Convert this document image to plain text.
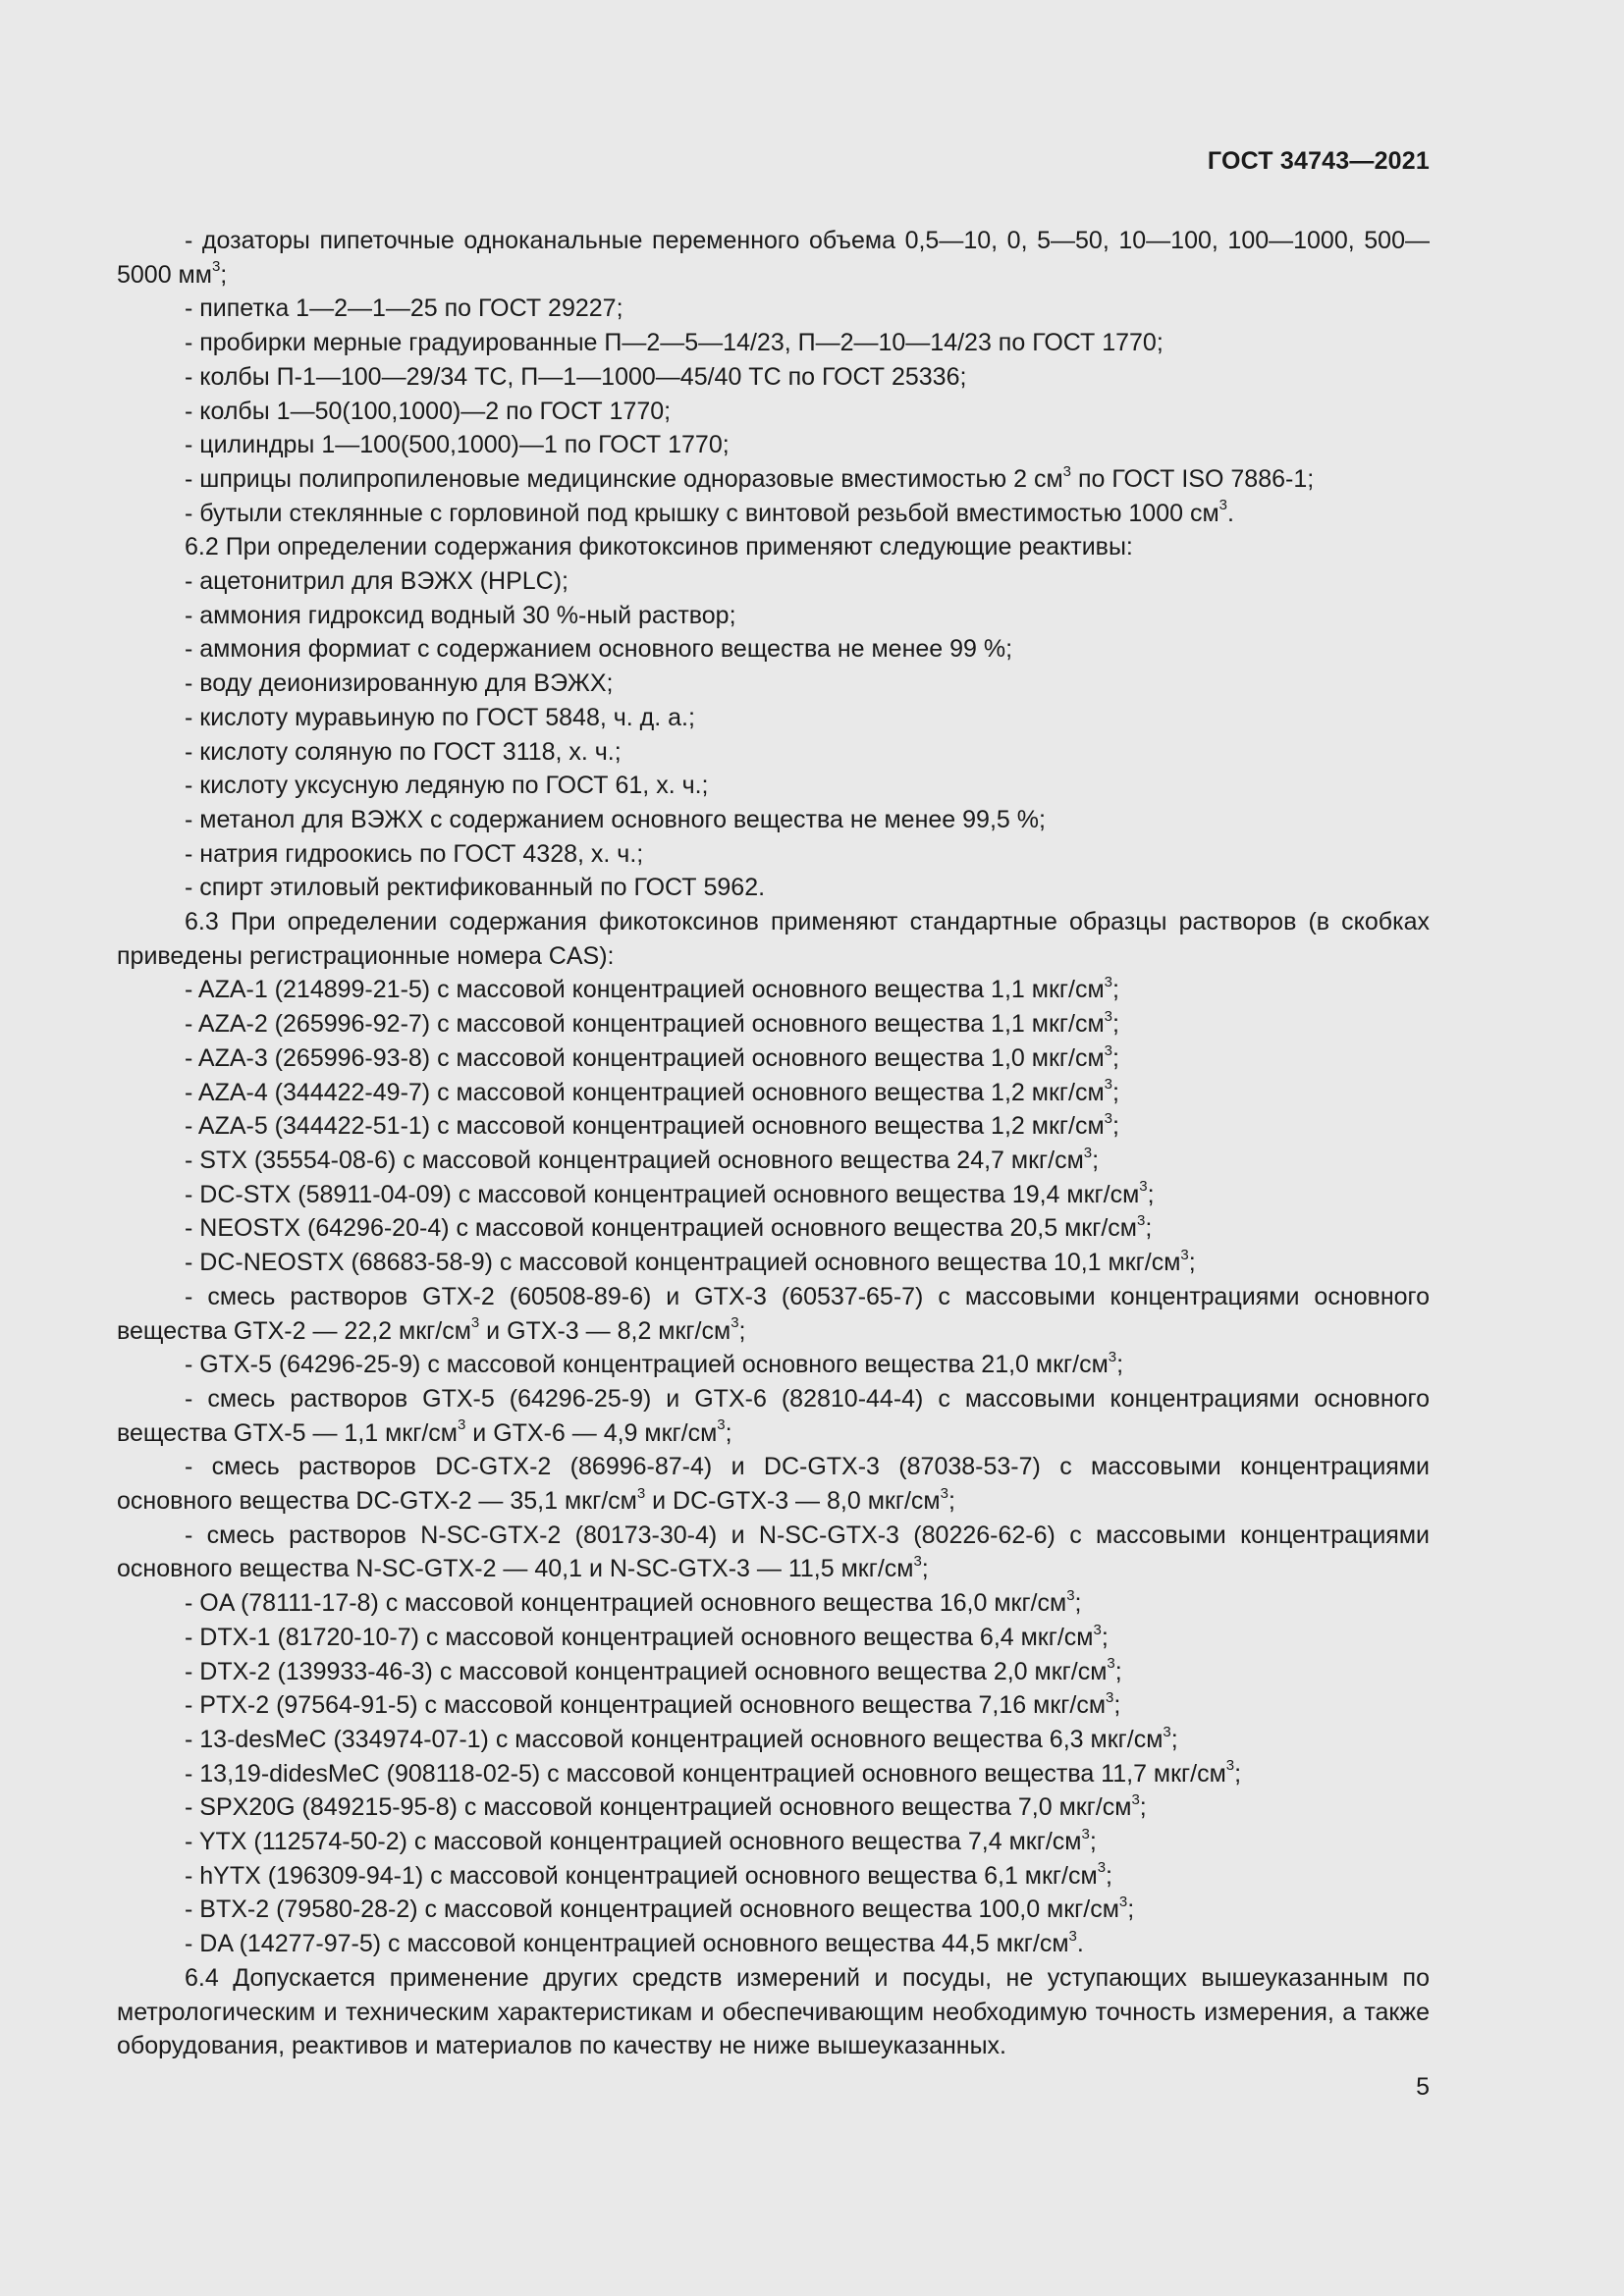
ГОСТ 34743—2021

- дозаторы пипеточные одноканальные переменного объема 0,5—10, 0, 5—50, 10—100, 100—1000, 500—5000 $мм^3$;

- пипетка 1—2—1—25 по ГОСТ 29227;

- пробирки мерные градуированные П—2—5—14/23, П—2—10—14/23 по ГОСТ 1770;

- колбы П-1—100—29/34 ТС, П—1—1000—45/40 ТС по ГОСТ 25336;

- колбы 1—50(100,1000)—2 по ГОСТ 1770;

- цилиндры 1—100(500,1000)—1 по ГОСТ 1770;

- шприцы полипропиленовые медицинские одноразовые вместимостью 2 $см^3$ по ГОСТ ISO 7886-1;

- бутыли стеклянные с горловиной под крышку с винтовой резьбой вместимостью 1000 $см^3$.

6.2 При определении содержания фикотоксинов применяют следующие реактивы:

- ацетонитрил для ВЭЖХ (HPLC);

- аммония гидроксид водный 30 %-ный раствор;

- аммония формиат с содержанием основного вещества не менее 99 %;

- воду деионизированную для ВЭЖХ;

- кислоту муравьиную по ГОСТ 5848, ч. д. а.;

- кислоту соляную по ГОСТ 3118, х. ч.;

- кислоту уксусную ледяную по ГОСТ 61, х. ч.;

- метанол для ВЭЖХ с содержанием основного вещества не менее 99,5 %;

- натрия гидроокись по ГОСТ 4328, х. ч.;

- спирт этиловый ректификованный по ГОСТ 5962.

6.3 При определении содержания фикотоксинов применяют стандартные образцы растворов (в скобках приведены регистрационные номера CAS):

- AZA-1 (214899-21-5) с массовой концентрацией основного вещества 1,1 мкг/$см^3$;

- AZA-2 (265996-92-7) с массовой концентрацией основного вещества 1,1 мкг/$см^3$;

- AZA-3 (265996-93-8) с массовой концентрацией основного вещества 1,0 мкг/$см^3$;

- AZA-4 (344422-49-7) с массовой концентрацией основного вещества 1,2 мкг/$см^3$;

- AZA-5 (344422-51-1) с массовой концентрацией основного вещества 1,2 мкг/$см^3$;

- STX (35554-08-6) с массовой концентрацией основного вещества 24,7 мкг/$см^3$;

- DC-STX (58911-04-09) с массовой концентрацией основного вещества 19,4 мкг/$см^3$;

- NEOSTX (64296-20-4) с массовой концентрацией основного вещества 20,5 мкг/$см^3$;

- DC-NEOSTX (68683-58-9) с массовой концентрацией основного вещества 10,1 мкг/$см^3$;

- смесь растворов GTX-2 (60508-89-6) и GTX-3 (60537-65-7) с массовыми концентрациями основного вещества GTX-2 — 22,2 мкг/$см^3$ и GTX-3 — 8,2 мкг/$см^3$;

- GTX-5 (64296-25-9) с массовой концентрацией основного вещества 21,0 мкг/$см^3$;

- смесь растворов GTX-5 (64296-25-9) и GTX-6 (82810-44-4) с массовыми концентрациями основного вещества GTX-5 — 1,1 мкг/$см^3$ и GTX-6 — 4,9 мкг/$см^3$;

- смесь растворов DC-GTX-2 (86996-87-4) и DC-GTX-3 (87038-53-7) с массовыми концентрациями основного вещества DC-GTX-2 — 35,1 мкг/$см^3$ и DC-GTX-3 — 8,0 мкг/$см^3$;

- смесь растворов N-SC-GTX-2 (80173-30-4) и N-SC-GTX-3 (80226-62-6) с массовыми концентрациями основного вещества N-SC-GTX-2 — 40,1 и N-SC-GTX-3 — 11,5 мкг/$см^3$;

- OA (78111-17-8) с массовой концентрацией основного вещества 16,0 мкг/$см^3$;

- DTX-1 (81720-10-7) с массовой концентрацией основного вещества 6,4 мкг/$см^3$;

- DTX-2 (139933-46-3) с массовой концентрацией основного вещества 2,0 мкг/$см^3$;

- PTX-2 (97564-91-5) с массовой концентрацией основного вещества 7,16 мкг/$см^3$;

- 13-desMeC (334974-07-1) с массовой концентрацией основного вещества 6,3 мкг/$см^3$;

- 13,19-didesMeC (908118-02-5) с массовой концентрацией основного вещества 11,7 мкг/$см^3$;

- SPX20G (849215-95-8) с массовой концентрацией основного вещества 7,0 мкг/$см^3$;

- YTX (112574-50-2) с массовой концентрацией основного вещества 7,4 мкг/$см^3$;

- hYTX (196309-94-1) с массовой концентрацией основного вещества 6,1 мкг/$см^3$;

- BTX-2 (79580-28-2) с массовой концентрацией основного вещества 100,0 мкг/$см^3$;

- DA (14277-97-5) с массовой концентрацией основного вещества 44,5 мкг/$см^3$.

6.4 Допускается применение других средств измерений и посуды, не уступающих вышеуказанным по метрологическим и техническим характеристикам и обеспечивающим необходимую точность измерения, а также оборудования, реактивов и материалов по качеству не ниже вышеуказанных.

5
